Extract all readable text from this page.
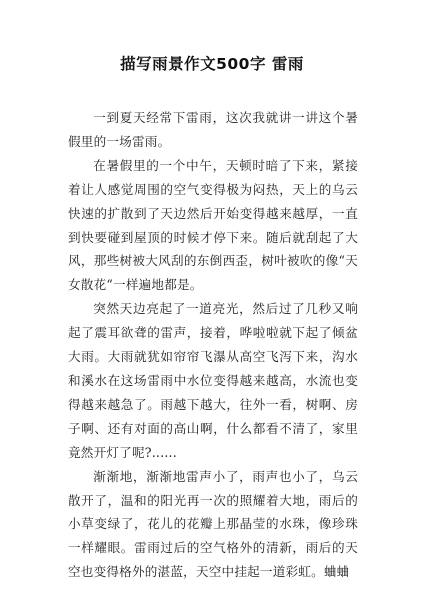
描写雨景作文500字 雷雨

一到夏天经常下雷雨，这次我就讲一讲这个暑假里的一场雷雨。

在暑假里的一个中午，天顿时暗了下来，紧接着让人感觉周围的空气变得极为闷热，天上的乌云快速的扩散到了天边然后开始变得越来越厚，一直到快要碰到屋顶的时候才停下来。随后就刮起了大风，那些树被大风刮的东倒西歪，树叶被吹的像“天女散花“一样遍地都是。

突然天边亮起了一道亮光，然后过了几秒又响起了震耳欲聋的雷声，接着，哗啦啦就下起了倾盆大雨。大雨就犹如帘帘飞瀑从高空飞泻下来，沟水和溪水在这场雷雨中水位变得越来越高，水流也变得越来越急了。雨越下越大，往外一看，树啊、房子啊、还有对面的高山啊，什么都看不清了，家里竟然开灯了呢?......

渐渐地，渐渐地雷声小了，雨声也小了，乌云散开了，温和的阳光再一次的照耀着大地，雨后的小草变绿了，花儿的花瓣上那晶莹的水珠，像珍珠一样耀眼。雷雨过后的空气格外的清新，雨后的天空也变得格外的湛蓝，天空中挂起一道彩虹。蛐蛐
